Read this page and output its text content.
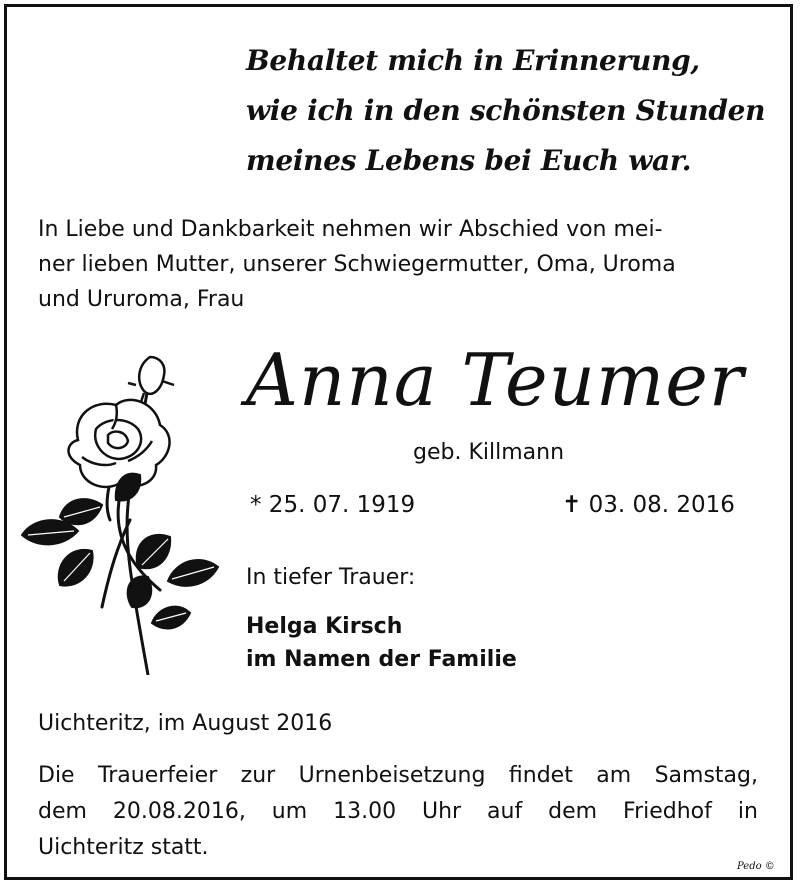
Behaltet mich in Erinnerung,
wie ich in den schönsten Stunden
meines Lebens bei Euch war.
In Liebe und Dankbarkeit nehmen wir Abschied von mei-
ner lieben Mutter, unserer Schwiegermutter, Oma, Uroma
und Ururoma, Frau
Anna Teumer
geb. Killmann
* 25. 07. 1919	✝ 03. 08. 2016
In tiefer Trauer:
Helga Kirsch
im Namen der Familie
Uichteritz, im August 2016
Die Trauerfeier zur Urnenbeisetzung findet am Samstag,
dem 20.08.2016, um 13.00 Uhr auf dem Friedhof in
Uichteritz statt.
Pedo ©
